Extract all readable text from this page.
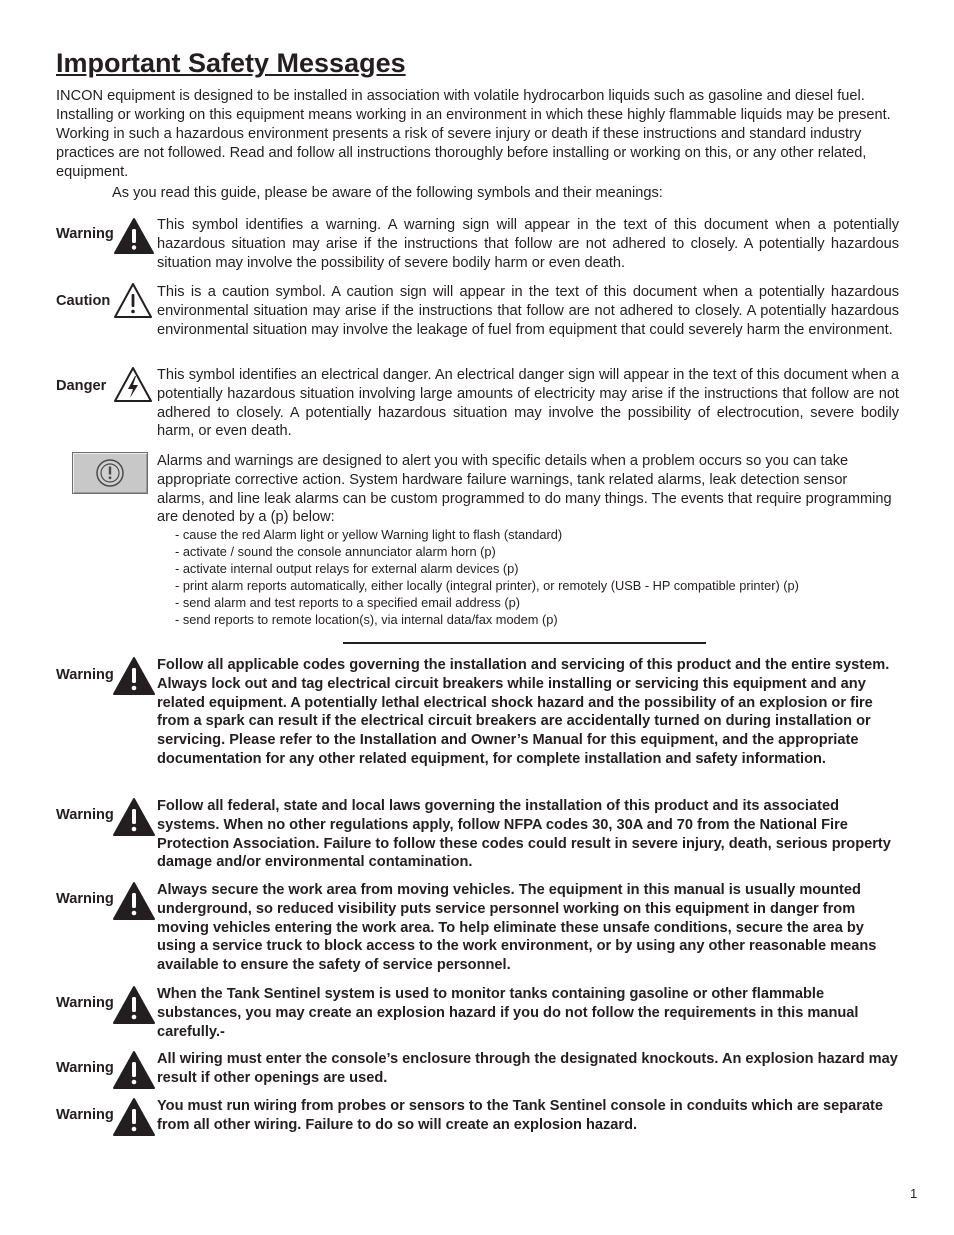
Important Safety Messages

INCON equipment is designed to be installed in association with volatile hydrocarbon liquids such as gasoline and diesel fuel. Installing or working on this equipment means working in an environment in which these highly flammable liquids may be present. Working in such a hazardous environment presents a risk of severe injury or death if these instructions and standard industry practices are not followed. Read and follow all instructions thoroughly before installing or working on this, or any other related, equipment.

As you read this guide, please be aware of the following symbols and their meanings:

Warning

This symbol identifies a warning. A warning sign will appear in the text of this document when a potentially hazardous situation may arise if the instructions that follow are not adhered to closely. A potentially hazardous situation may involve the possibility of severe bodily harm or even death.

Caution

This is a caution symbol. A caution sign will appear in the text of this document when a potentially hazardous environmental situation may arise if the instructions that follow are not adhered to closely. A potentially hazardous environmental situation may involve the leakage of fuel from equipment that could severely harm the environment.

Danger

This symbol identifies an electrical danger. An electrical danger sign will appear in the text of this document when a potentially hazardous situation involving large amounts of electricity may arise if the instructions that follow are not adhered to closely. A potentially hazardous situation may involve the possibility of electrocution, severe bodily harm, or even death.

Alarms and warnings are designed to alert you with specific details when a problem occurs so you can take appropriate corrective action. System hardware failure warnings, tank related alarms, leak detection sensor alarms, and line leak alarms can be custom programmed to do many things. The events that require programming are denoted by a (p) below:

- cause the red Alarm light or yellow Warning light to flash (standard)
- activate / sound the console annunciator alarm horn (p)
- activate internal output relays for external alarm devices (p)
- print alarm reports automatically, either locally (integral printer), or remotely (USB - HP compatible printer) (p)
- send alarm and test reports to a specified email address (p)
- send reports to remote location(s), via internal data/fax modem (p)
Warning

Follow all applicable codes governing the installation and servicing of this product and the entire system. Always lock out and tag electrical circuit breakers while installing or servicing this equipment and any related equipment. A potentially lethal electrical shock hazard and the possibility of an explosion or fire from a spark can result if the electrical circuit breakers are accidentally turned on during installation or servicing. Please refer to the Installation and Owner’s Manual for this equipment, and the appropriate documentation for any other related equipment, for complete installation and safety information.

Warning

Follow all federal, state and local laws governing the installation of this product and its associated systems. When no other regulations apply, follow NFPA codes 30, 30A and 70 from the National Fire Protection Association. Failure to follow these codes could result in severe injury, death, serious property damage and/or environmental contamination.

Warning

Always secure the work area from moving vehicles. The equipment in this manual is usually mounted underground, so reduced visibility puts service personnel working on this equipment in danger from moving vehicles entering the work area. To help eliminate these unsafe conditions, secure the area by using a service truck to block access to the work environment, or by using any other reasonable means available to ensure the safety of service personnel.

Warning

When the Tank Sentinel system is used to monitor tanks containing gasoline or other flammable substances, you may create an explosion hazard if you do not follow the requirements in this manual carefully.-

Warning

All wiring must enter the console’s enclosure through the designated knockouts. An explosion hazard may result if other openings are used.

Warning

You must run wiring from probes or sensors to the Tank Sentinel console in conduits which are separate from all other wiring. Failure to do so will create an explosion hazard.

1
